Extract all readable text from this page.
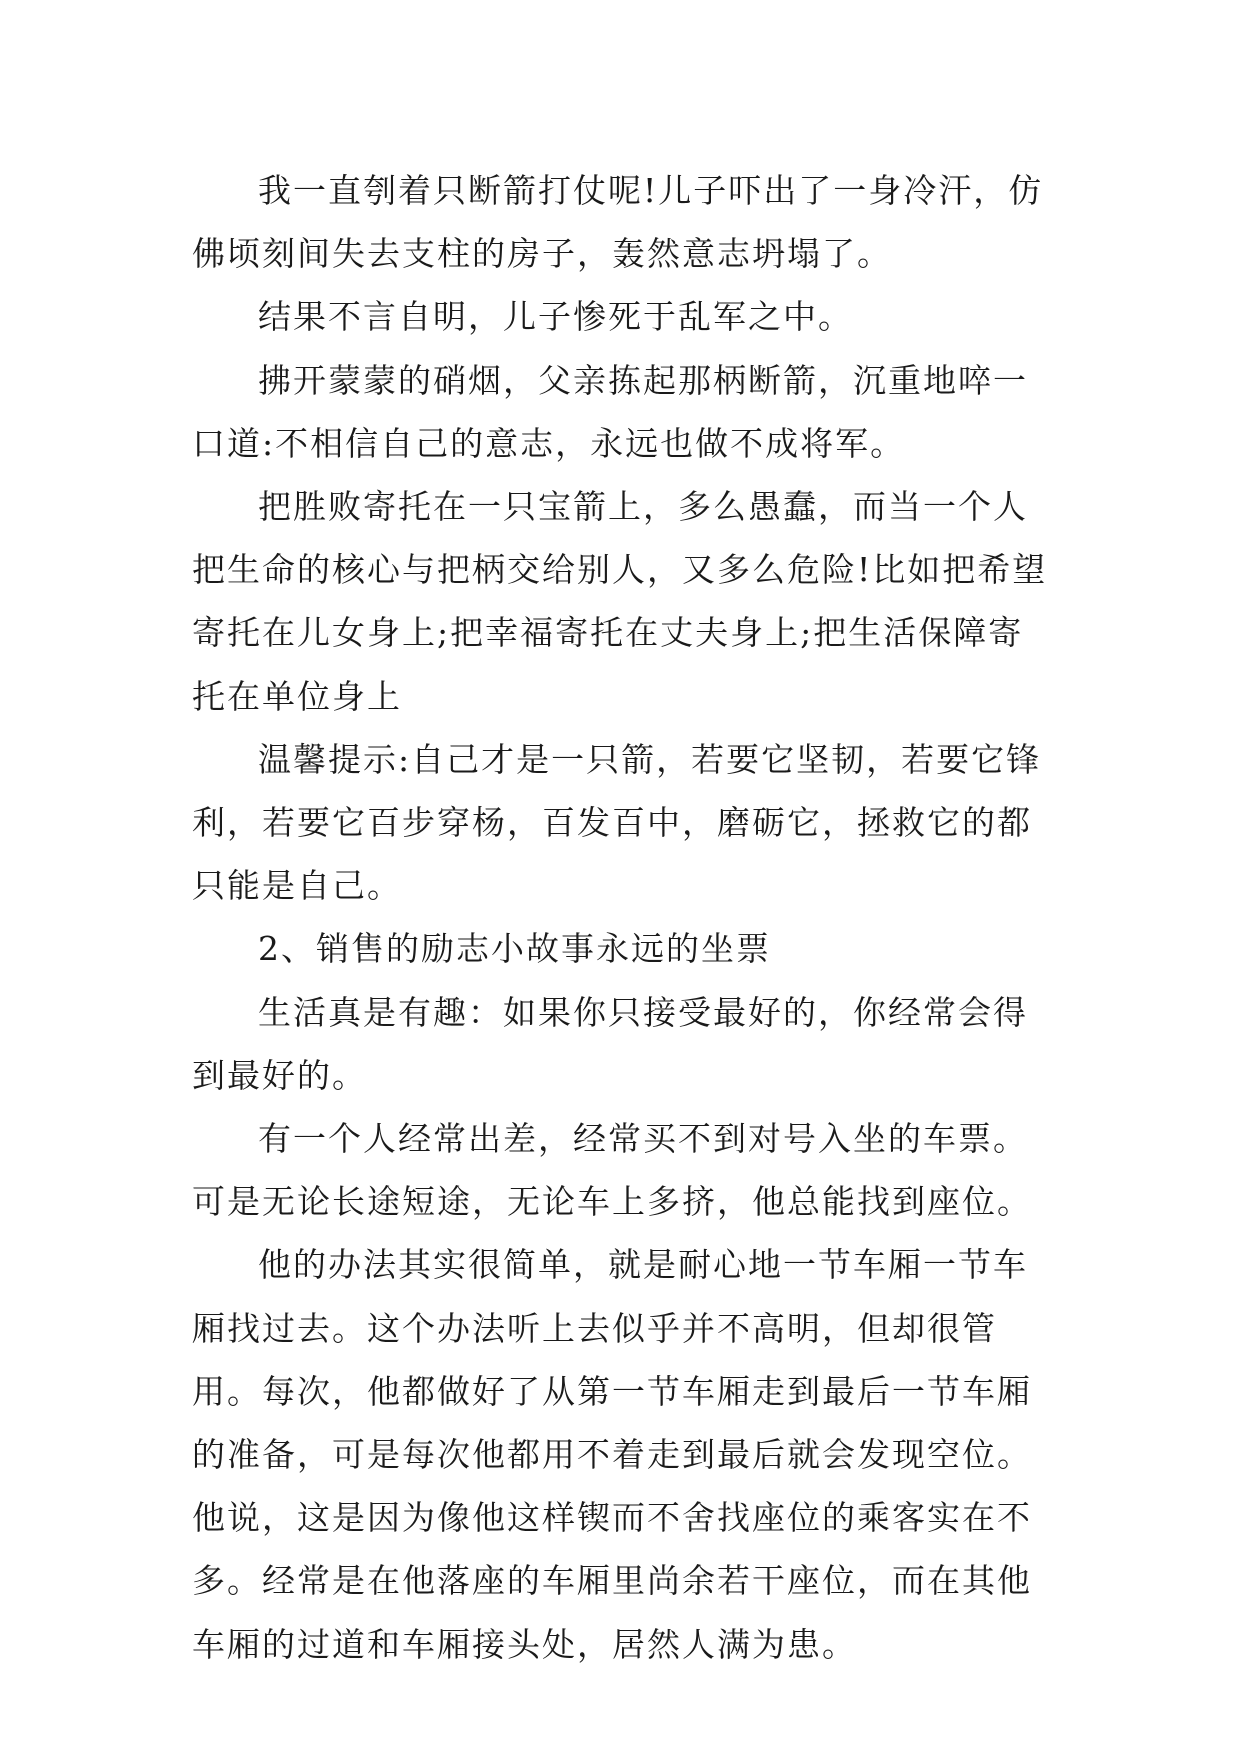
我一直刳着只断箭打仗呢!儿子吓出了一身冷汗，仿佛顷刻间失去支柱的房子，轰然意志坍塌了。

结果不言自明，儿子惨死于乱军之中。

拂开蒙蒙的硝烟，父亲拣起那柄断箭，沉重地啐一口道:不相信自己的意志，永远也做不成将军。

把胜败寄托在一只宝箭上，多么愚蠢，而当一个人把生命的核心与把柄交给别人，又多么危险!比如把希望寄托在儿女身上;把幸福寄托在丈夫身上;把生活保障寄托在单位身上

温馨提示:自己才是一只箭，若要它坚韧，若要它锋利，若要它百步穿杨，百发百中，磨砺它，拯救它的都只能是自己。

2、销售的励志小故事永远的坐票

生活真是有趣：如果你只接受最好的，你经常会得到最好的。

有一个人经常出差，经常买不到对号入坐的车票。可是无论长途短途，无论车上多挤，他总能找到座位。

他的办法其实很简单，就是耐心地一节车厢一节车厢找过去。这个办法听上去似乎并不高明，但却很管用。每次，他都做好了从第一节车厢走到最后一节车厢的准备，可是每次他都用不着走到最后就会发现空位。他说，这是因为像他这样锲而不舍找座位的乘客实在不多。经常是在他落座的车厢里尚余若干座位，而在其他车厢的过道和车厢接头处，居然人满为患。
